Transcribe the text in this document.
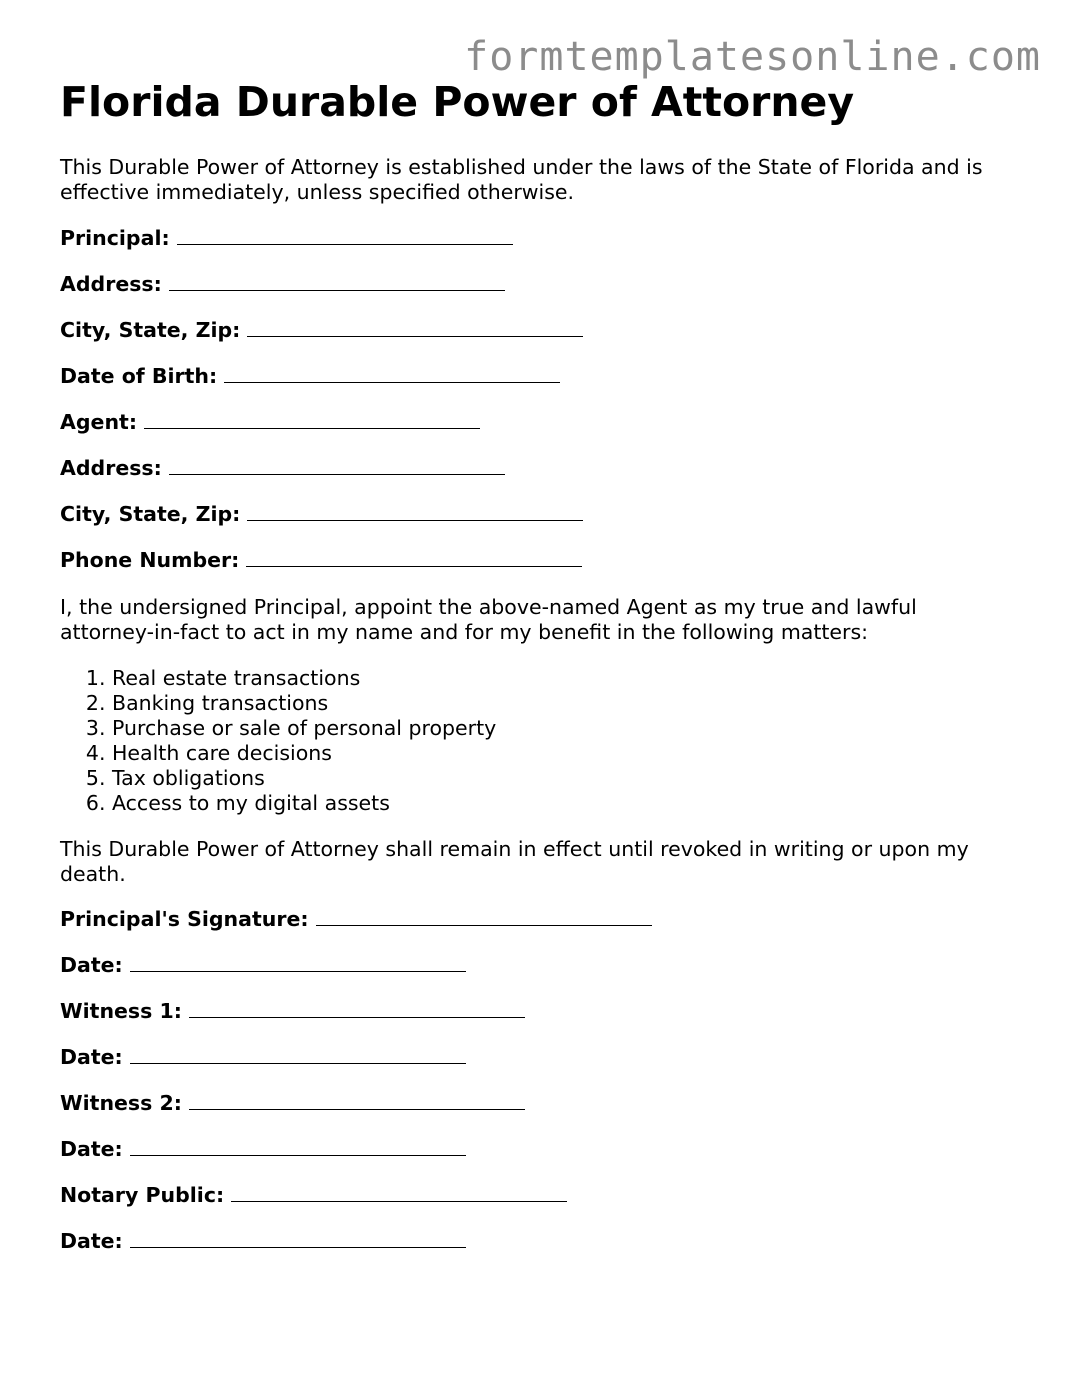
formtemplatesonline.com
Florida Durable Power of Attorney

This Durable Power of Attorney is established under the laws of the State of Florida and is effective immediately, unless specified otherwise.

Principal:
Address:
City, State, Zip:
Date of Birth:
Agent:
Address:
City, State, Zip:
Phone Number:

I, the undersigned Principal, appoint the above-named Agent as my true and lawful attorney-in-fact to act in my name and for my benefit in the following matters:

1. Real estate transactions
2. Banking transactions
3. Purchase or sale of personal property
4. Health care decisions
5. Tax obligations
6. Access to my digital assets

This Durable Power of Attorney shall remain in effect until revoked in writing or upon my death.

Principal's Signature:
Date:
Witness 1:
Date:
Witness 2:
Date:
Notary Public:
Date:
